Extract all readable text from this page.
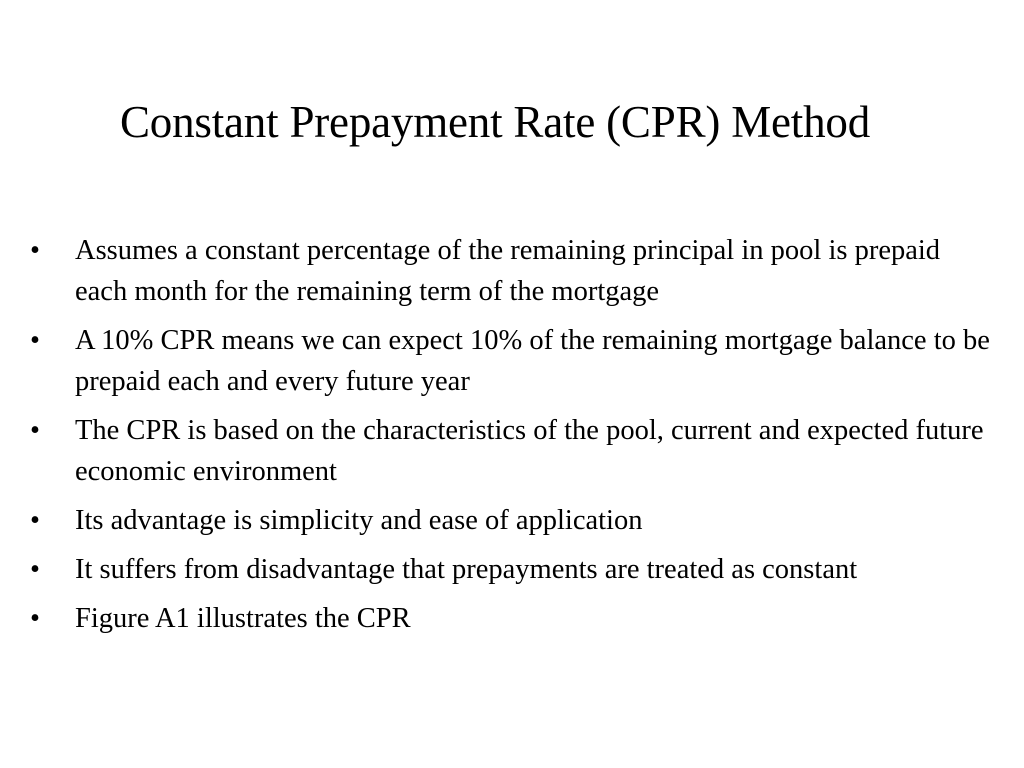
Constant Prepayment Rate (CPR) Method
•	Assumes a constant percentage of the remaining principal in pool is prepaid each month for the remaining term of the mortgage
•	A 10% CPR means we can expect 10% of the remaining mortgage balance to be prepaid each and every future year
•	The CPR is based on the characteristics of the pool, current and expected future economic environment
•	Its advantage is simplicity and ease of application
•	It suffers from disadvantage that prepayments are treated as constant
•	Figure A1 illustrates the CPR
